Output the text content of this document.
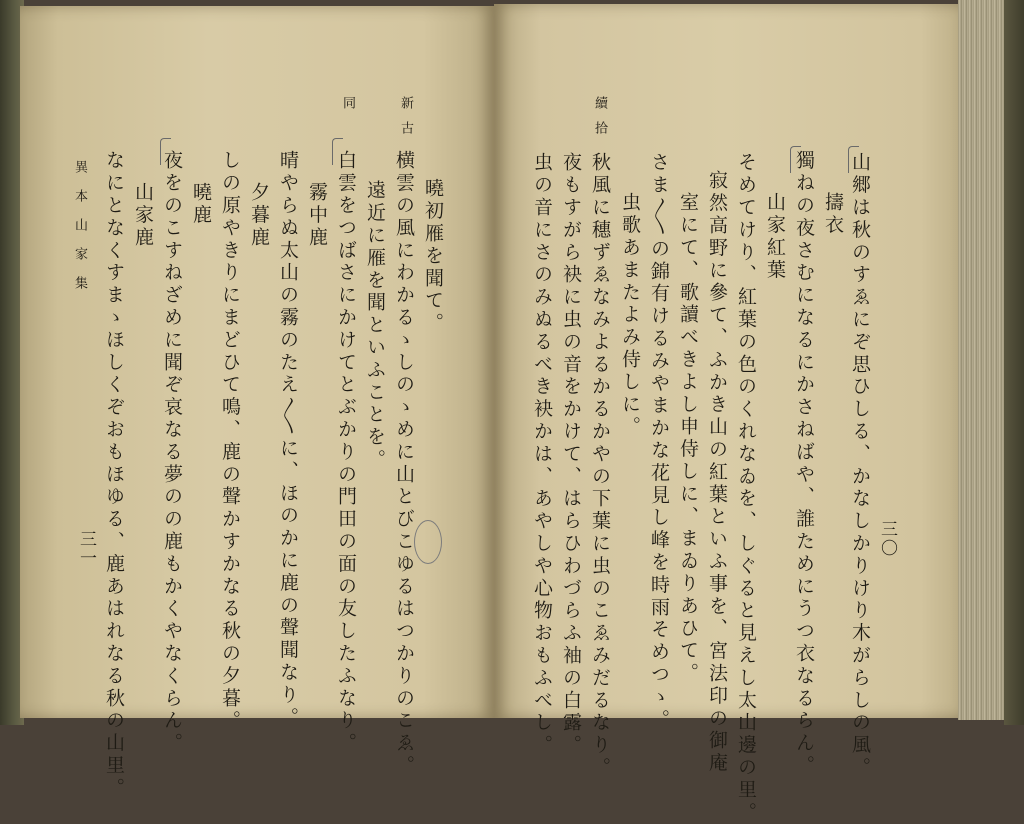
山郷は秋のすゑにぞ思ひしる、かなしかりけり木がらしの風。
擣衣
獨ねの夜さむになるにかさねばや、誰ためにうつ衣なるらん。
山家紅葉
そめてけり、紅葉の色のくれなゐを、しぐると見えし太山邊の里。
寂然高野に參て、ふかき山の紅葉といふ事を、宮法印の御庵
室にて、歌讀べきよし申侍しに、まゐりあひて。
さま〳〵の錦有けるみやまかな花見し峰を時雨そめつゝ。
虫歌あまたよみ侍しに。
秋風に穗ずゑなみよるかるかやの下葉に虫のこゑみだるなり。
夜もすがら袂に虫の音をかけて、はらひわづらふ袖の白露。
虫の音にさのみぬるべき袂かは、あやしや心物おもふべし。
續拾
三〇
曉初雁を聞て。
横雲の風にわかるゝしのゝめに山とびこゆるはつかりのこゑ。
遠近に雁を聞といふことを。
白雲をつばさにかけてとぶかりの門田の面の友したふなり。
霧中鹿
晴やらぬ太山の霧のたえ〳〵に、ほのかに鹿の聲聞なり。
夕暮鹿
しの原やきりにまどひて鳴、鹿の聲かすかなる秋の夕暮。
曉鹿
夜をのこすねざめに聞ぞ哀なる夢のの鹿もかくやなくらん。
山家鹿
なにとなくすまゝほしくぞおもほゆる、鹿あはれなる秋の山里。
新古
同
異本山家集
三一
